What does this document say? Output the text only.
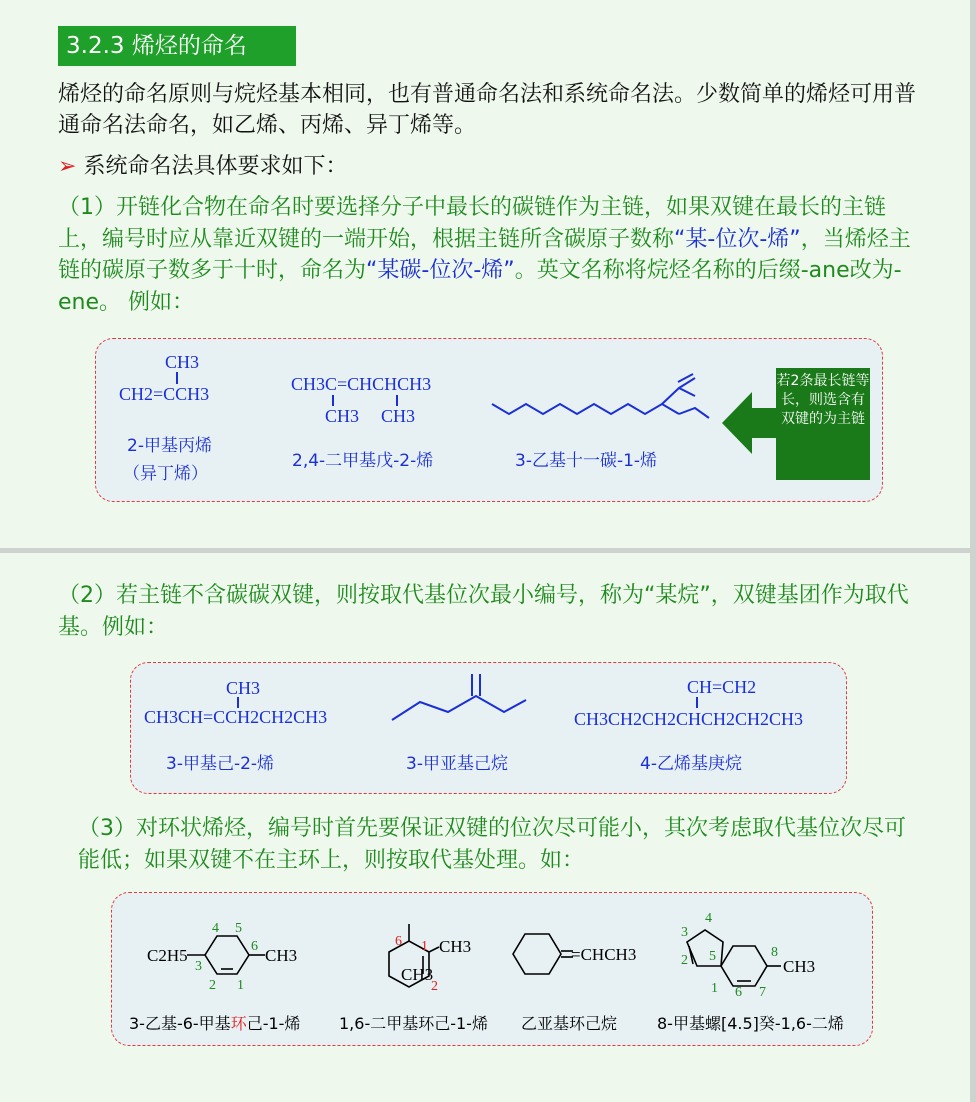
3.2.3 烯烃的命名

烯烃的命名原则与烷烃基本相同，也有普通命名法和系统命名法。少数简单的烯烃可用普通命名法命名，如乙烯、丙烯、异丁烯等。

➢ 系统命名法具体要求如下：

（1）开链化合物在命名时要选择分子中最长的碳链作为主链，如果双键在最长的主链上，编号时应从靠近双键的一端开始，根据主链所含碳原子数称“某-位次-烯”，当烯烃主链的碳原子数多于十时，命名为“某碳-位次-烯”。英文名称将烷烃名称的后缀-ane改为-ene。 例如：

CH3
CH2=CCH3
2-甲基丙烯
（异丁烯）
CH3C=CHCHCH3
CH3 CH3
2,4-二甲基戊-2-烯	3-乙基十一碳-1-烯
若2条最长链等长，则选含有双键的为主链

（2）若主链不含碳碳双键，则按取代基位次最小编号，称为“某烷”，双键基团作为取代基。例如：

CH3
CH3CH=CCH2CH2CH3
3-甲基己-2-烯	3-甲亚基己烷
CH=CH2
CH3CH2CH2CHCH2CH2CH3
4-乙烯基庚烷

（3）对环状烯烃，编号时首先要保证双键的位次尽可能小，其次考虑取代基位次尽可能低；如果双键不在主环上，则按取代基处理。如：

C2H5	CH3
4 5
6
3
2 1
3-乙基-6-甲基环己-1-烯
CH3
CH3
6 1
2
1,6-二甲基环己-1-烯
=CHCH3
乙亚基环己烷
CH3
4
3
2 5
1 6 7
8
8-甲基螺[4.5]癸-1,6-二烯
